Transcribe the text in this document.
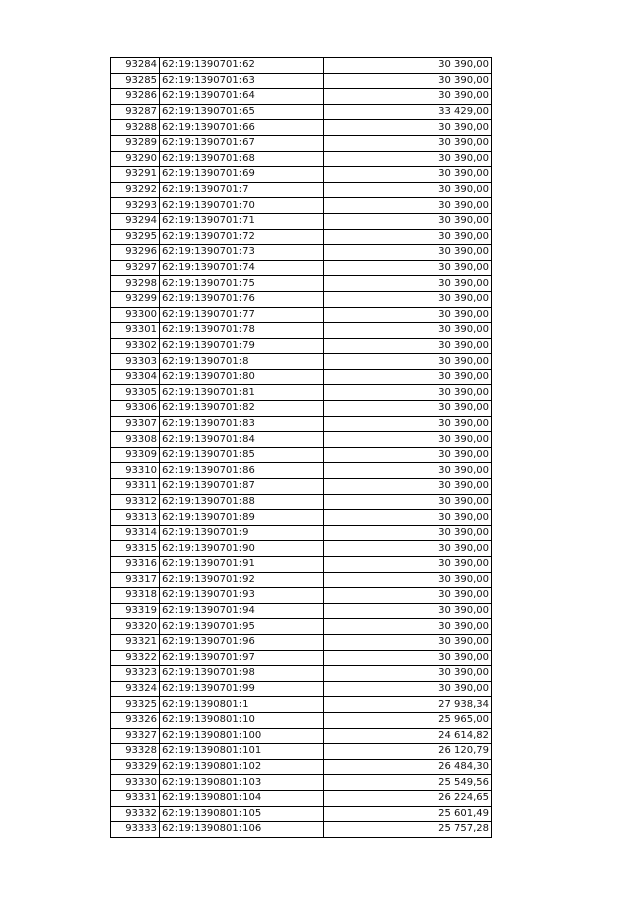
93284	62:19:1390701:62	30 390,00
93285	62:19:1390701:63	30 390,00
93286	62:19:1390701:64	30 390,00
93287	62:19:1390701:65	33 429,00
93288	62:19:1390701:66	30 390,00
93289	62:19:1390701:67	30 390,00
93290	62:19:1390701:68	30 390,00
93291	62:19:1390701:69	30 390,00
93292	62:19:1390701:7	30 390,00
93293	62:19:1390701:70	30 390,00
93294	62:19:1390701:71	30 390,00
93295	62:19:1390701:72	30 390,00
93296	62:19:1390701:73	30 390,00
93297	62:19:1390701:74	30 390,00
93298	62:19:1390701:75	30 390,00
93299	62:19:1390701:76	30 390,00
93300	62:19:1390701:77	30 390,00
93301	62:19:1390701:78	30 390,00
93302	62:19:1390701:79	30 390,00
93303	62:19:1390701:8	30 390,00
93304	62:19:1390701:80	30 390,00
93305	62:19:1390701:81	30 390,00
93306	62:19:1390701:82	30 390,00
93307	62:19:1390701:83	30 390,00
93308	62:19:1390701:84	30 390,00
93309	62:19:1390701:85	30 390,00
93310	62:19:1390701:86	30 390,00
93311	62:19:1390701:87	30 390,00
93312	62:19:1390701:88	30 390,00
93313	62:19:1390701:89	30 390,00
93314	62:19:1390701:9	30 390,00
93315	62:19:1390701:90	30 390,00
93316	62:19:1390701:91	30 390,00
93317	62:19:1390701:92	30 390,00
93318	62:19:1390701:93	30 390,00
93319	62:19:1390701:94	30 390,00
93320	62:19:1390701:95	30 390,00
93321	62:19:1390701:96	30 390,00
93322	62:19:1390701:97	30 390,00
93323	62:19:1390701:98	30 390,00
93324	62:19:1390701:99	30 390,00
93325	62:19:1390801:1	27 938,34
93326	62:19:1390801:10	25 965,00
93327	62:19:1390801:100	24 614,82
93328	62:19:1390801:101	26 120,79
93329	62:19:1390801:102	26 484,30
93330	62:19:1390801:103	25 549,56
93331	62:19:1390801:104	26 224,65
93332	62:19:1390801:105	25 601,49
93333	62:19:1390801:106	25 757,28
